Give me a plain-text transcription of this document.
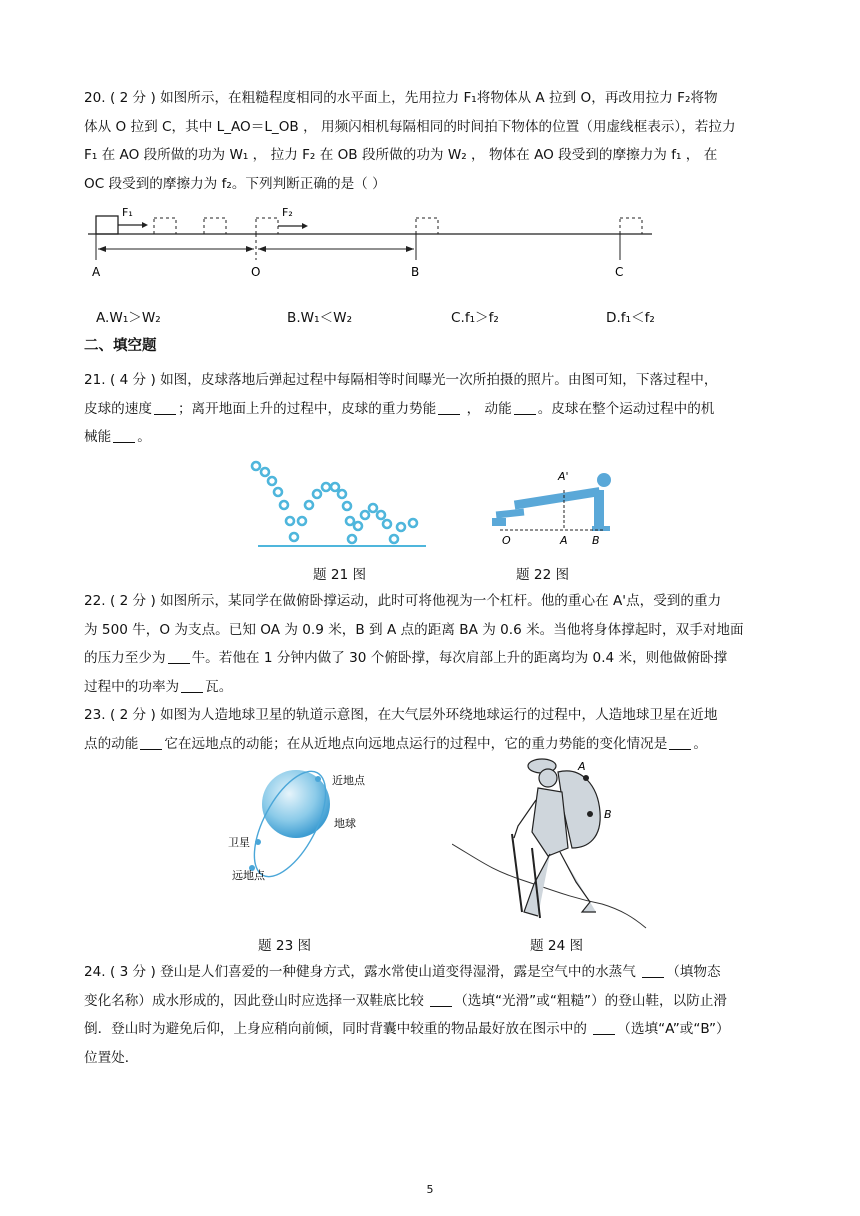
20. ( 2 分 ) 如图所示，在粗糙程度相同的水平面上，先用拉力 F₁将物体从 A 拉到 O，再改用拉力 F₂将物
体从 O 拉到 C，其中 L_AO＝L_OB ， 用频闪相机每隔相同的时间拍下物体的位置（用虚线框表示），若拉力
F₁ 在 AO 段所做的功为 W₁ ， 拉力 F₂ 在 OB 段所做的功为 W₂ ， 物体在 AO 段受到的摩擦力为 f₁ ， 在
OC 段受到的摩擦力为 f₂。下列判断正确的是（ ）
F₁	F₂
A	O	B	C
A.W₁＞W₂	B.W₁＜W₂	C.f₁＞f₂	D.f₁＜f₂
二、填空题
21. ( 4 分 ) 如图，皮球落地后弹起过程中每隔相等时间曝光一次所拍摄的照片。由图可知，下落过程中，
皮球的速度 ；离开地面上升的过程中，皮球的重力势能 ， 动能 。皮球在整个运动过程中的机
械能 。
A'
O	A B
题 21 图	题 22 图
22. ( 2 分 ) 如图所示，某同学在做俯卧撑运动，此时可将他视为一个杠杆。他的重心在 A'点，受到的重力
为 500 牛，O 为支点。已知 OA 为 0.9 米，B 到 A 点的距离 BA 为 0.6 米。当他将身体撑起时，双手对地面
的压力至少为 牛。若他在 1 分钟内做了 30 个俯卧撑，每次肩部上升的距离均为 0.4 米，则他做俯卧撑
过程中的功率为 瓦。
23. ( 2 分 ) 如图为人造地球卫星的轨道示意图，在大气层外环绕地球运行的过程中，人造地球卫星在近地
点的动能 它在远地点的动能；在从近地点向远地点运行的过程中，它的重力势能的变化情况是 。
近地点
地球
卫星
远地点
A
B
题 23 图	题 24 图
24. ( 3 分 ) 登山是人们喜爱的一种健身方式，露水常使山道变得湿滑，露是空气中的水蒸气 （填物态
变化名称）成水形成的，因此登山时应选择一双鞋底比较 （选填“光滑”或“粗糙”）的登山鞋，以防止滑
倒．登山时为避免后仰，上身应稍向前倾，同时背囊中较重的物品最好放在图示中的 （选填“A”或“B”）
位置处．
5
